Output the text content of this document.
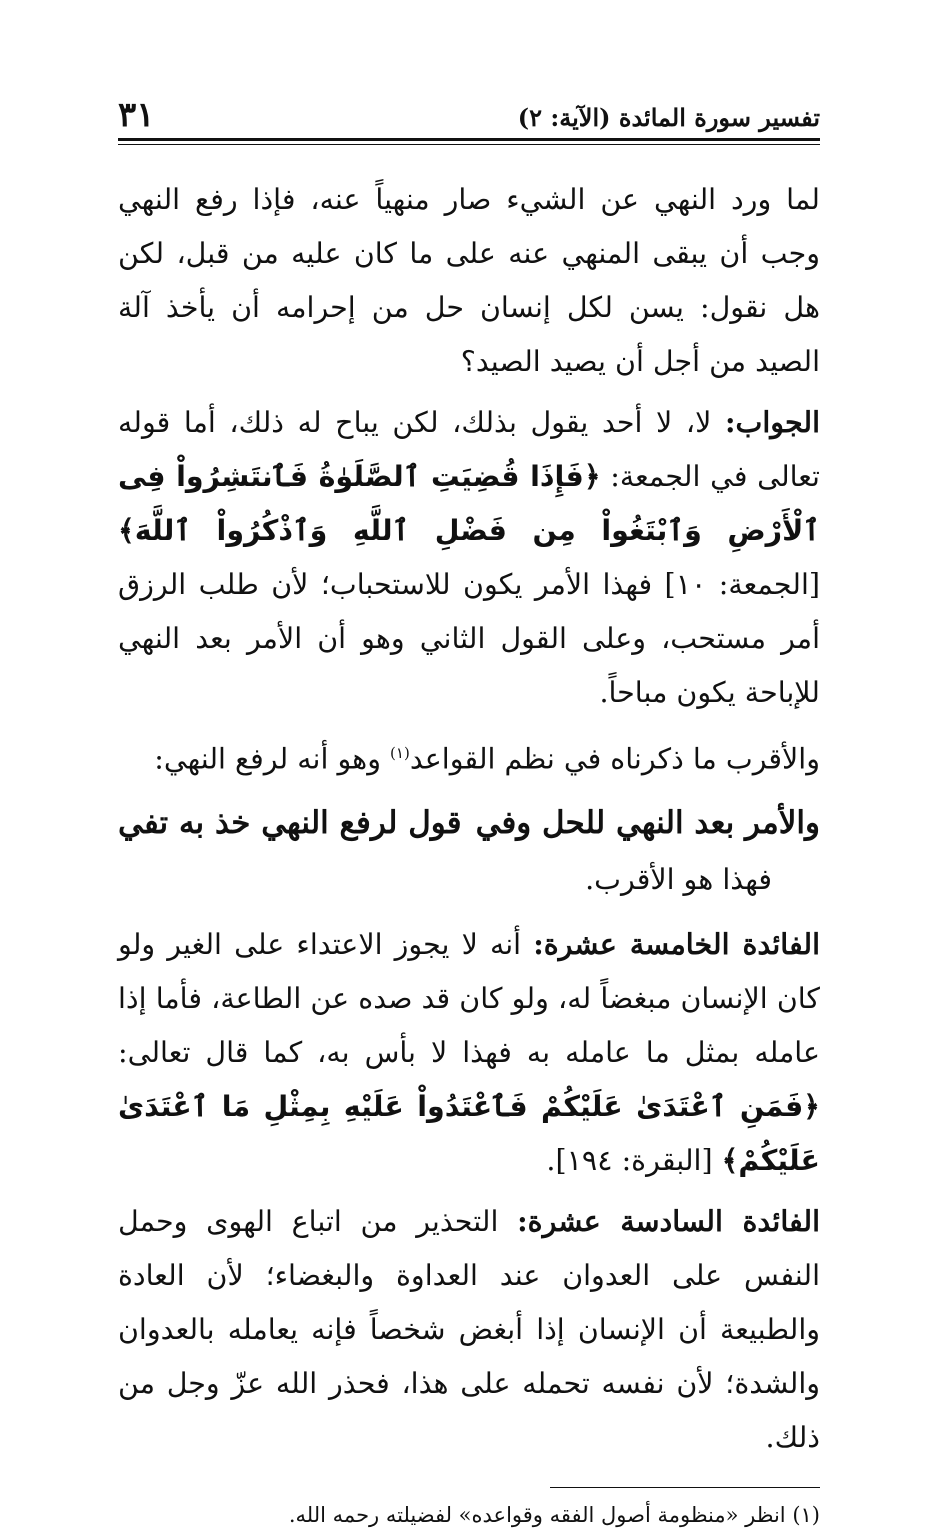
تفسير سورة المائدة (الآية: ٢)
٣١

لما ورد النهي عن الشيء صار منهياً عنه، فإذا رفع النهي وجب أن يبقى المنهي عنه على ما كان عليه من قبل، لكن هل نقول: يسن لكل إنسان حل من إحرامه أن يأخذ آلة الصيد من أجل أن يصيد الصيد؟

الجواب: لا، لا أحد يقول بذلك، لكن يباح له ذلك، أما قوله تعالى في الجمعة: ﴿فَإِذَا قُضِيَتِ ٱلصَّلَوٰةُ فَٱنتَشِرُواْ فِى ٱلْأَرْضِ وَٱبْتَغُواْ مِن فَضْلِ ٱللَّهِ وَٱذْكُرُواْ ٱللَّهَ﴾ [الجمعة: ١٠] فهذا الأمر يكون للاستحباب؛ لأن طلب الرزق أمر مستحب، وعلى القول الثاني وهو أن الأمر بعد النهي للإباحة يكون مباحاً.

والأقرب ما ذكرناه في نظم القواعد$^{(١)}$ وهو أنه لرفع النهي:

والأمر بعد النهي للحل وفي
قول لرفع النهي خذ به تفي

فهذا هو الأقرب.

الفائدة الخامسة عشرة: أنه لا يجوز الاعتداء على الغير ولو كان الإنسان مبغضاً له، ولو كان قد صده عن الطاعة، فأما إذا عامله بمثل ما عامله به فهذا لا بأس به، كما قال تعالى: ﴿فَمَنِ ٱعْتَدَىٰ عَلَيْكُمْ فَٱعْتَدُواْ عَلَيْهِ بِمِثْلِ مَا ٱعْتَدَىٰ عَلَيْكُمْ﴾ [البقرة: ١٩٤].

الفائدة السادسة عشرة: التحذير من اتباع الهوى وحمل النفس على العدوان عند العداوة والبغضاء؛ لأن العادة والطبيعة أن الإنسان إذا أبغض شخصاً فإنه يعامله بالعدوان والشدة؛ لأن نفسه تحمله على هذا، فحذر الله عزّ وجل من ذلك.

(١) انظر «منظومة أصول الفقه وقواعده» لفضيلته رحمه الله.
